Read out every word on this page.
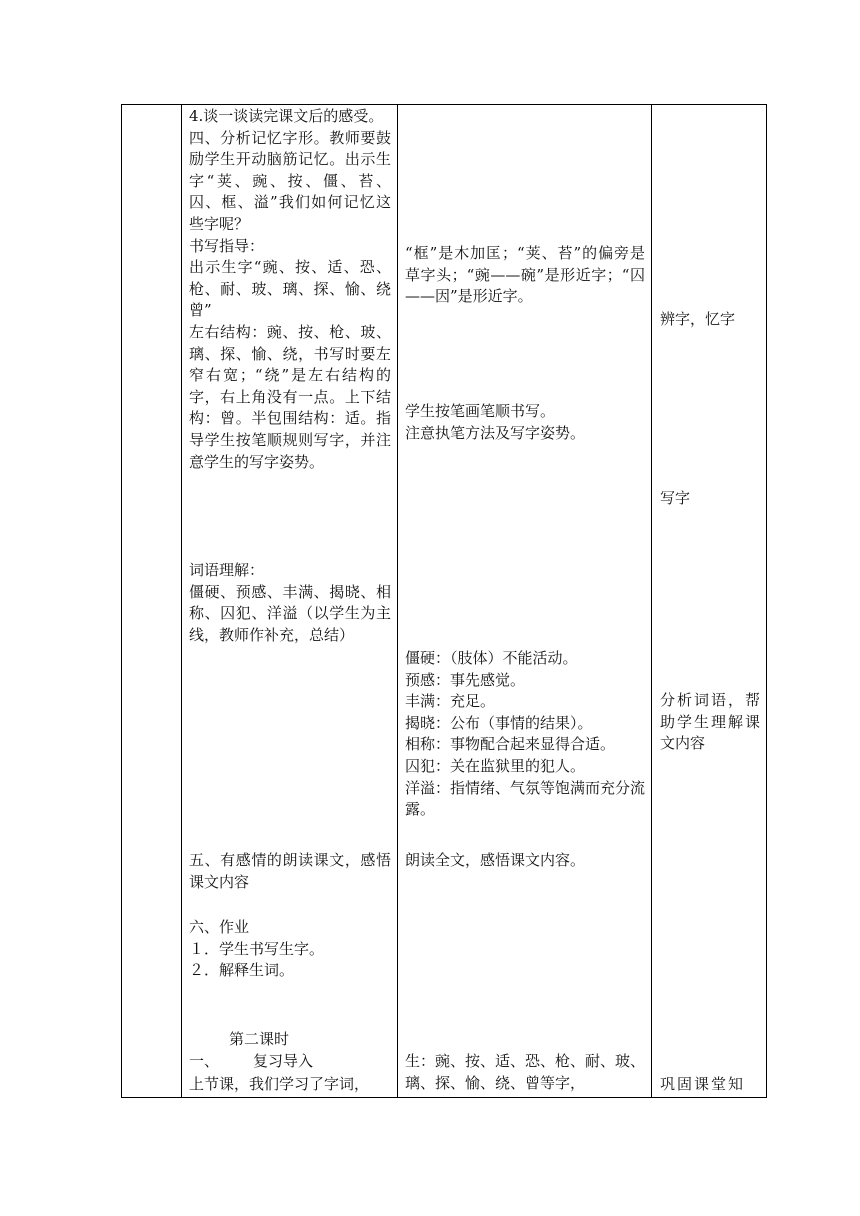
4.谈一谈读完课文后的感受。

四、分析记忆字形。教师要鼓励学生开动脑筋记忆。出示生字“荚、豌、按、僵、苔、囚、框、溢”我们如何记忆这些字呢？

书写指导：

出示生字“豌、按、适、恐、枪、耐、玻、璃、探、愉、绕曾”

左右结构：豌、按、枪、玻、璃、探、愉、绕，书写时要左窄右宽；“绕”是左右结构的字，右上角没有一点。上下结构：曾。半包围结构：适。指导学生按笔顺规则写字，并注意学生的写字姿势。

词语理解：

僵硬、预感、丰满、揭晓、相称、囚犯、洋溢（以学生为主线，教师作补充，总结）

五、有感情的朗读课文，感悟课文内容

六、作业

１．学生书写生字。

２．解释生词。

第二课时
一、 复习导入
上节课，我们学习了字词，

“框”是木加匡；“荚、苔”的偏旁是草字头；“豌——碗”是形近字；“囚——因”是形近字。

学生按笔画笔顺书写。

注意执笔方法及写字姿势。

僵硬：（肢体）不能活动。

预感：事先感觉。

丰满：充足。

揭晓：公布（事情的结果）。

相称：事物配合起来显得合适。

囚犯：关在监狱里的犯人。

洋溢：指情绪、气氛等饱满而充分流露。

朗读全文，感悟课文内容。

生：豌、按、适、恐、枪、耐、玻、璃、探、愉、绕、曾等字，

辨字，忆字
写字

分析词语，帮助学生理解课文内容

巩固课堂知
